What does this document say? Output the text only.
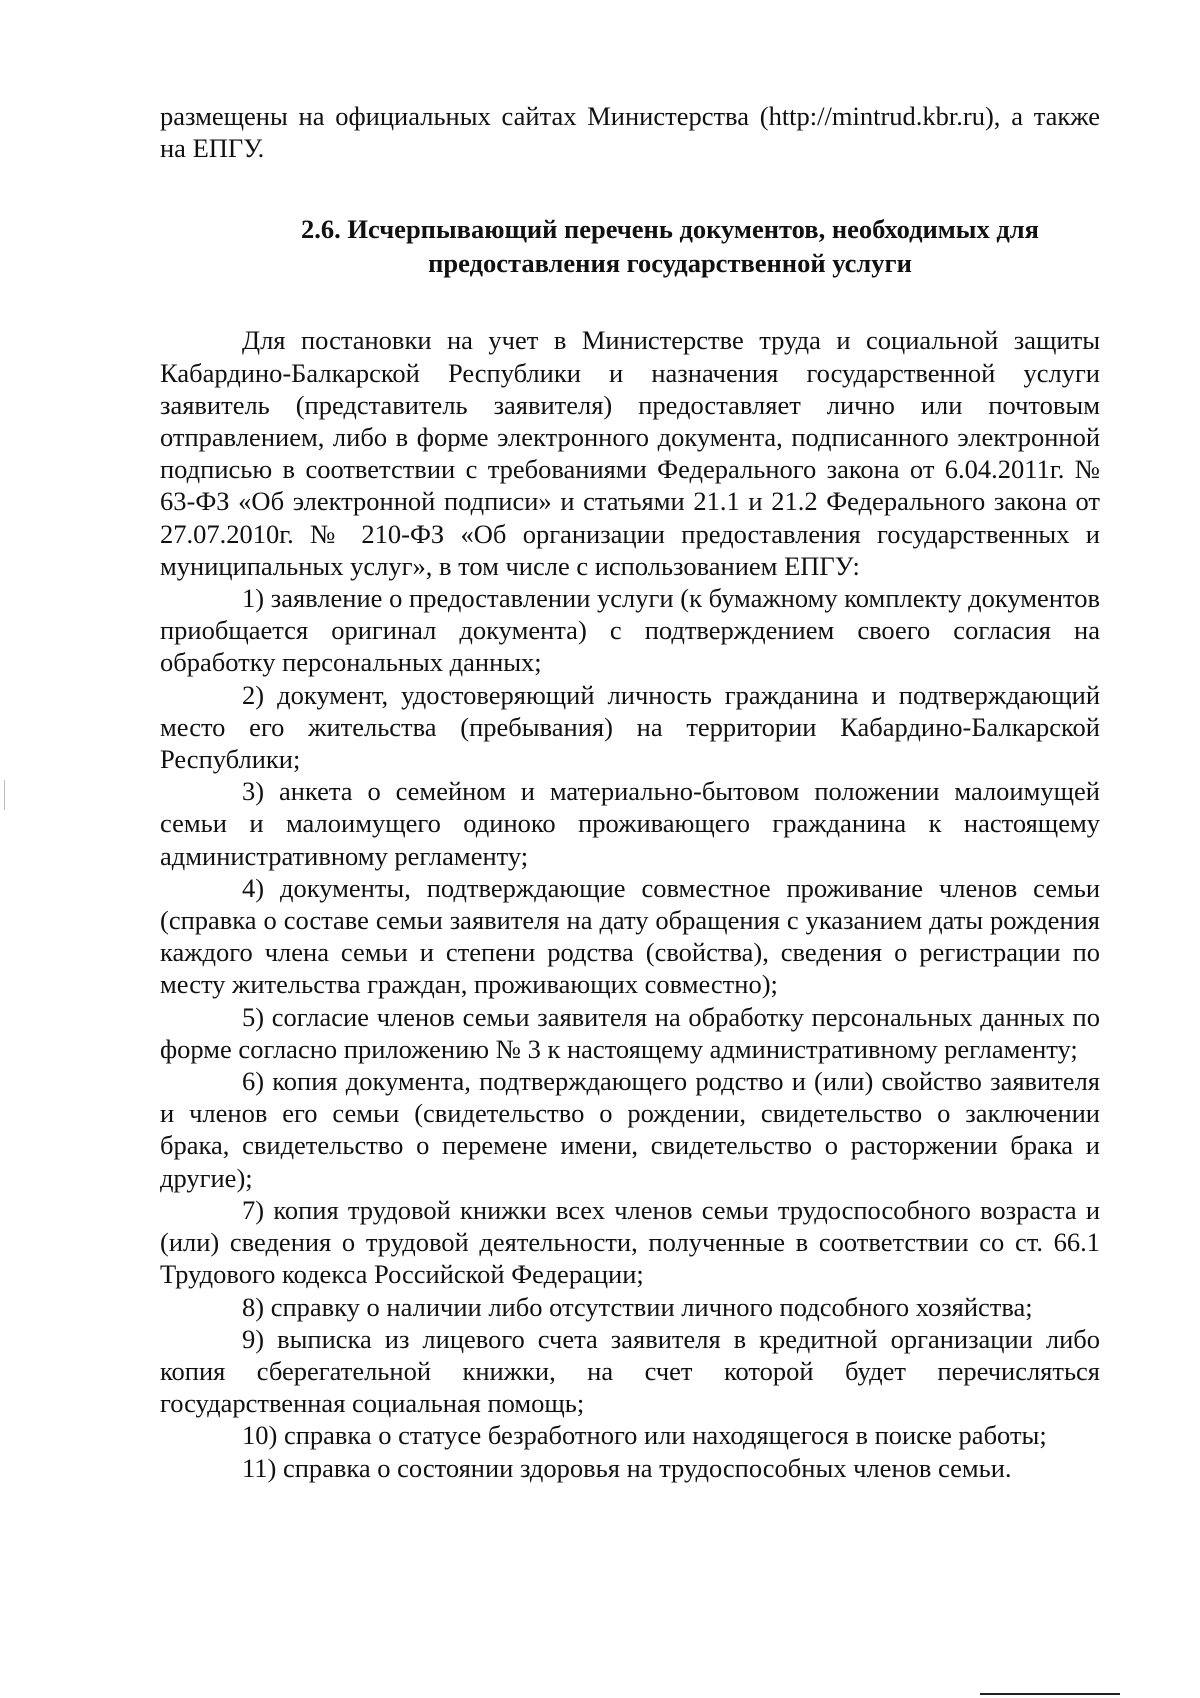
размещены на официальных сайтах Министерства (http://mintrud.kbr.ru), а также на ЕПГУ.

2.6. Исчерпывающий перечень документов, необходимых для
предоставления государственной услуги

Для постановки на учет в Министерстве труда и социальной защиты Кабардино-Балкарской Республики и назначения государственной услуги заявитель (представитель заявителя) предоставляет лично или почтовым отправлением, либо в форме электронного документа, подписанного электронной подписью в соответствии с требованиями Федерального закона от 6.04.2011г. № 63-ФЗ «Об электронной подписи» и статьями 21.1 и 21.2 Федерального закона от 27.07.2010г. № 210-ФЗ «Об организации предоставления государственных и муниципальных услуг», в том числе с использованием ЕПГУ:

1) заявление о предоставлении услуги (к бумажному комплекту документов приобщается оригинал документа) с подтверждением своего согласия на обработку персональных данных;

2) документ, удостоверяющий личность гражданина и подтверждающий место его жительства (пребывания) на территории Кабардино-Балкарской Республики;

3) анкета о семейном и материально-бытовом положении малоимущей семьи и малоимущего одиноко проживающего гражданина к настоящему административному регламенту;

4) документы, подтверждающие совместное проживание членов семьи (справка о составе семьи заявителя на дату обращения с указанием даты рождения каждого члена семьи и степени родства (свойства), сведения о регистрации по месту жительства граждан, проживающих совместно);

5) согласие членов семьи заявителя на обработку персональных данных по форме согласно приложению № 3 к настоящему административному регламенту;

6) копия документа, подтверждающего родство и (или) свойство заявителя и членов его семьи (свидетельство о рождении, свидетельство о заключении брака, свидетельство о перемене имени, свидетельство о расторжении брака и другие);

7) копия трудовой книжки всех членов семьи трудоспособного возраста и (или) сведения о трудовой деятельности, полученные в соответствии со ст. 66.1 Трудового кодекса Российской Федерации;

8) справку о наличии либо отсутствии личного подсобного хозяйства;

9) выписка из лицевого счета заявителя в кредитной организации либо копия сберегательной книжки, на счет которой будет перечисляться государственная социальная помощь;

10) справка о статусе безработного или находящегося в поиске работы;

11) справка о состоянии здоровья на трудоспособных членов семьи.
